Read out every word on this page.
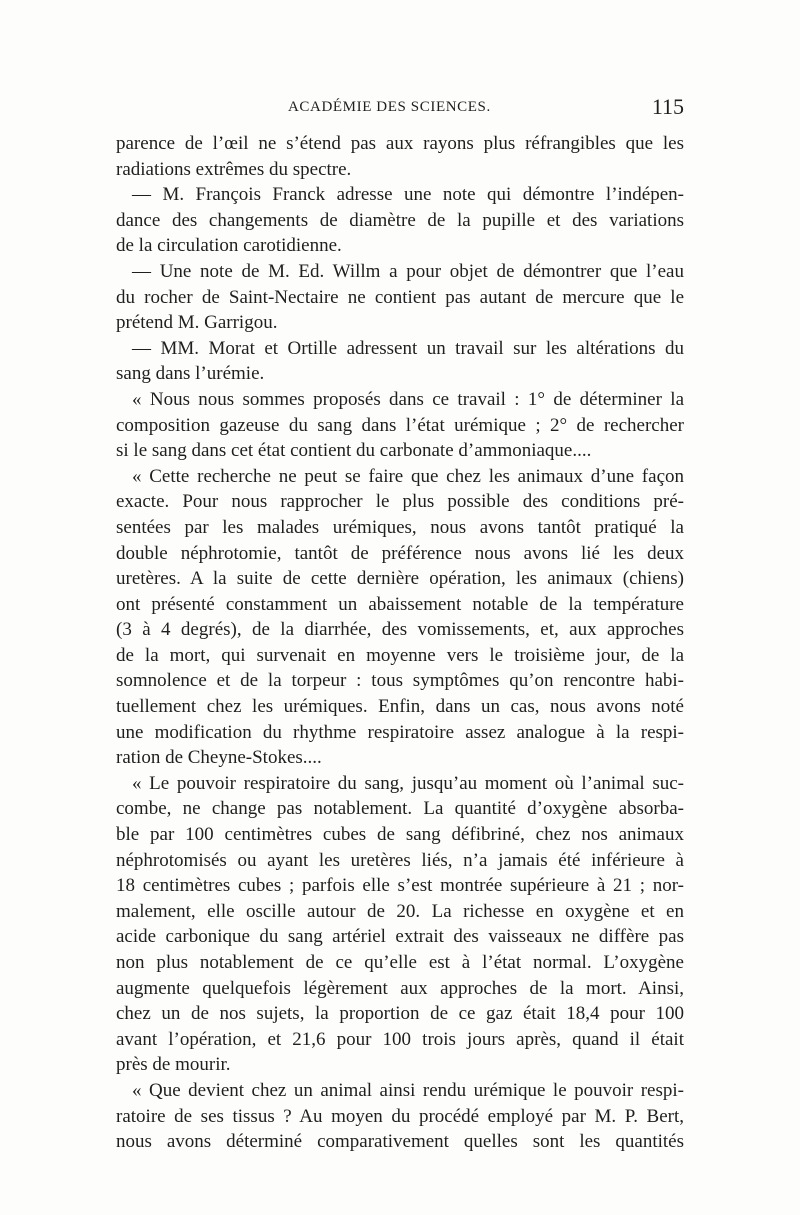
ACADÉMIE DES SCIENCES.	115
parence de l’œil ne s’étend pas aux rayons plus réfrangibles que les
radiations extrêmes du spectre.
— M. François Franck adresse une note qui démontre l’indépen-
dance des changements de diamètre de la pupille et des variations
de la circulation carotidienne.
— Une note de M. Ed. Willm a pour objet de démontrer que l’eau
du rocher de Saint-Nectaire ne contient pas autant de mercure que le
prétend M. Garrigou.
— MM. Morat et Ortille adressent un travail sur les altérations du
sang dans l’urémie.
« Nous nous sommes proposés dans ce travail : 1° de déterminer la
composition gazeuse du sang dans l’état urémique ; 2° de rechercher
si le sang dans cet état contient du carbonate d’ammoniaque....
« Cette recherche ne peut se faire que chez les animaux d’une façon
exacte. Pour nous rapprocher le plus possible des conditions pré-
sentées par les malades urémiques, nous avons tantôt pratiqué la
double néphrotomie, tantôt de préférence nous avons lié les deux
uretères. A la suite de cette dernière opération, les animaux (chiens)
ont présenté constamment un abaissement notable de la température
(3 à 4 degrés), de la diarrhée, des vomissements, et, aux approches
de la mort, qui survenait en moyenne vers le troisième jour, de la
somnolence et de la torpeur : tous symptômes qu’on rencontre habi-
tuellement chez les urémiques. Enfin, dans un cas, nous avons noté
une modification du rhythme respiratoire assez analogue à la respi-
ration de Cheyne-Stokes....
« Le pouvoir respiratoire du sang, jusqu’au moment où l’animal suc-
combe, ne change pas notablement. La quantité d’oxygène absorba-
ble par 100 centimètres cubes de sang défibriné, chez nos animaux
néphrotomisés ou ayant les uretères liés, n’a jamais été inférieure à
18 centimètres cubes ; parfois elle s’est montrée supérieure à 21 ; nor-
malement, elle oscille autour de 20. La richesse en oxygène et en
acide carbonique du sang artériel extrait des vaisseaux ne diffère pas
non plus notablement de ce qu’elle est à l’état normal. L’oxygène
augmente quelquefois légèrement aux approches de la mort. Ainsi,
chez un de nos sujets, la proportion de ce gaz était 18,4 pour 100
avant l’opération, et 21,6 pour 100 trois jours après, quand il était
près de mourir.
« Que devient chez un animal ainsi rendu urémique le pouvoir respi-
ratoire de ses tissus ? Au moyen du procédé employé par M. P. Bert,
nous avons déterminé comparativement quelles sont les quantités
